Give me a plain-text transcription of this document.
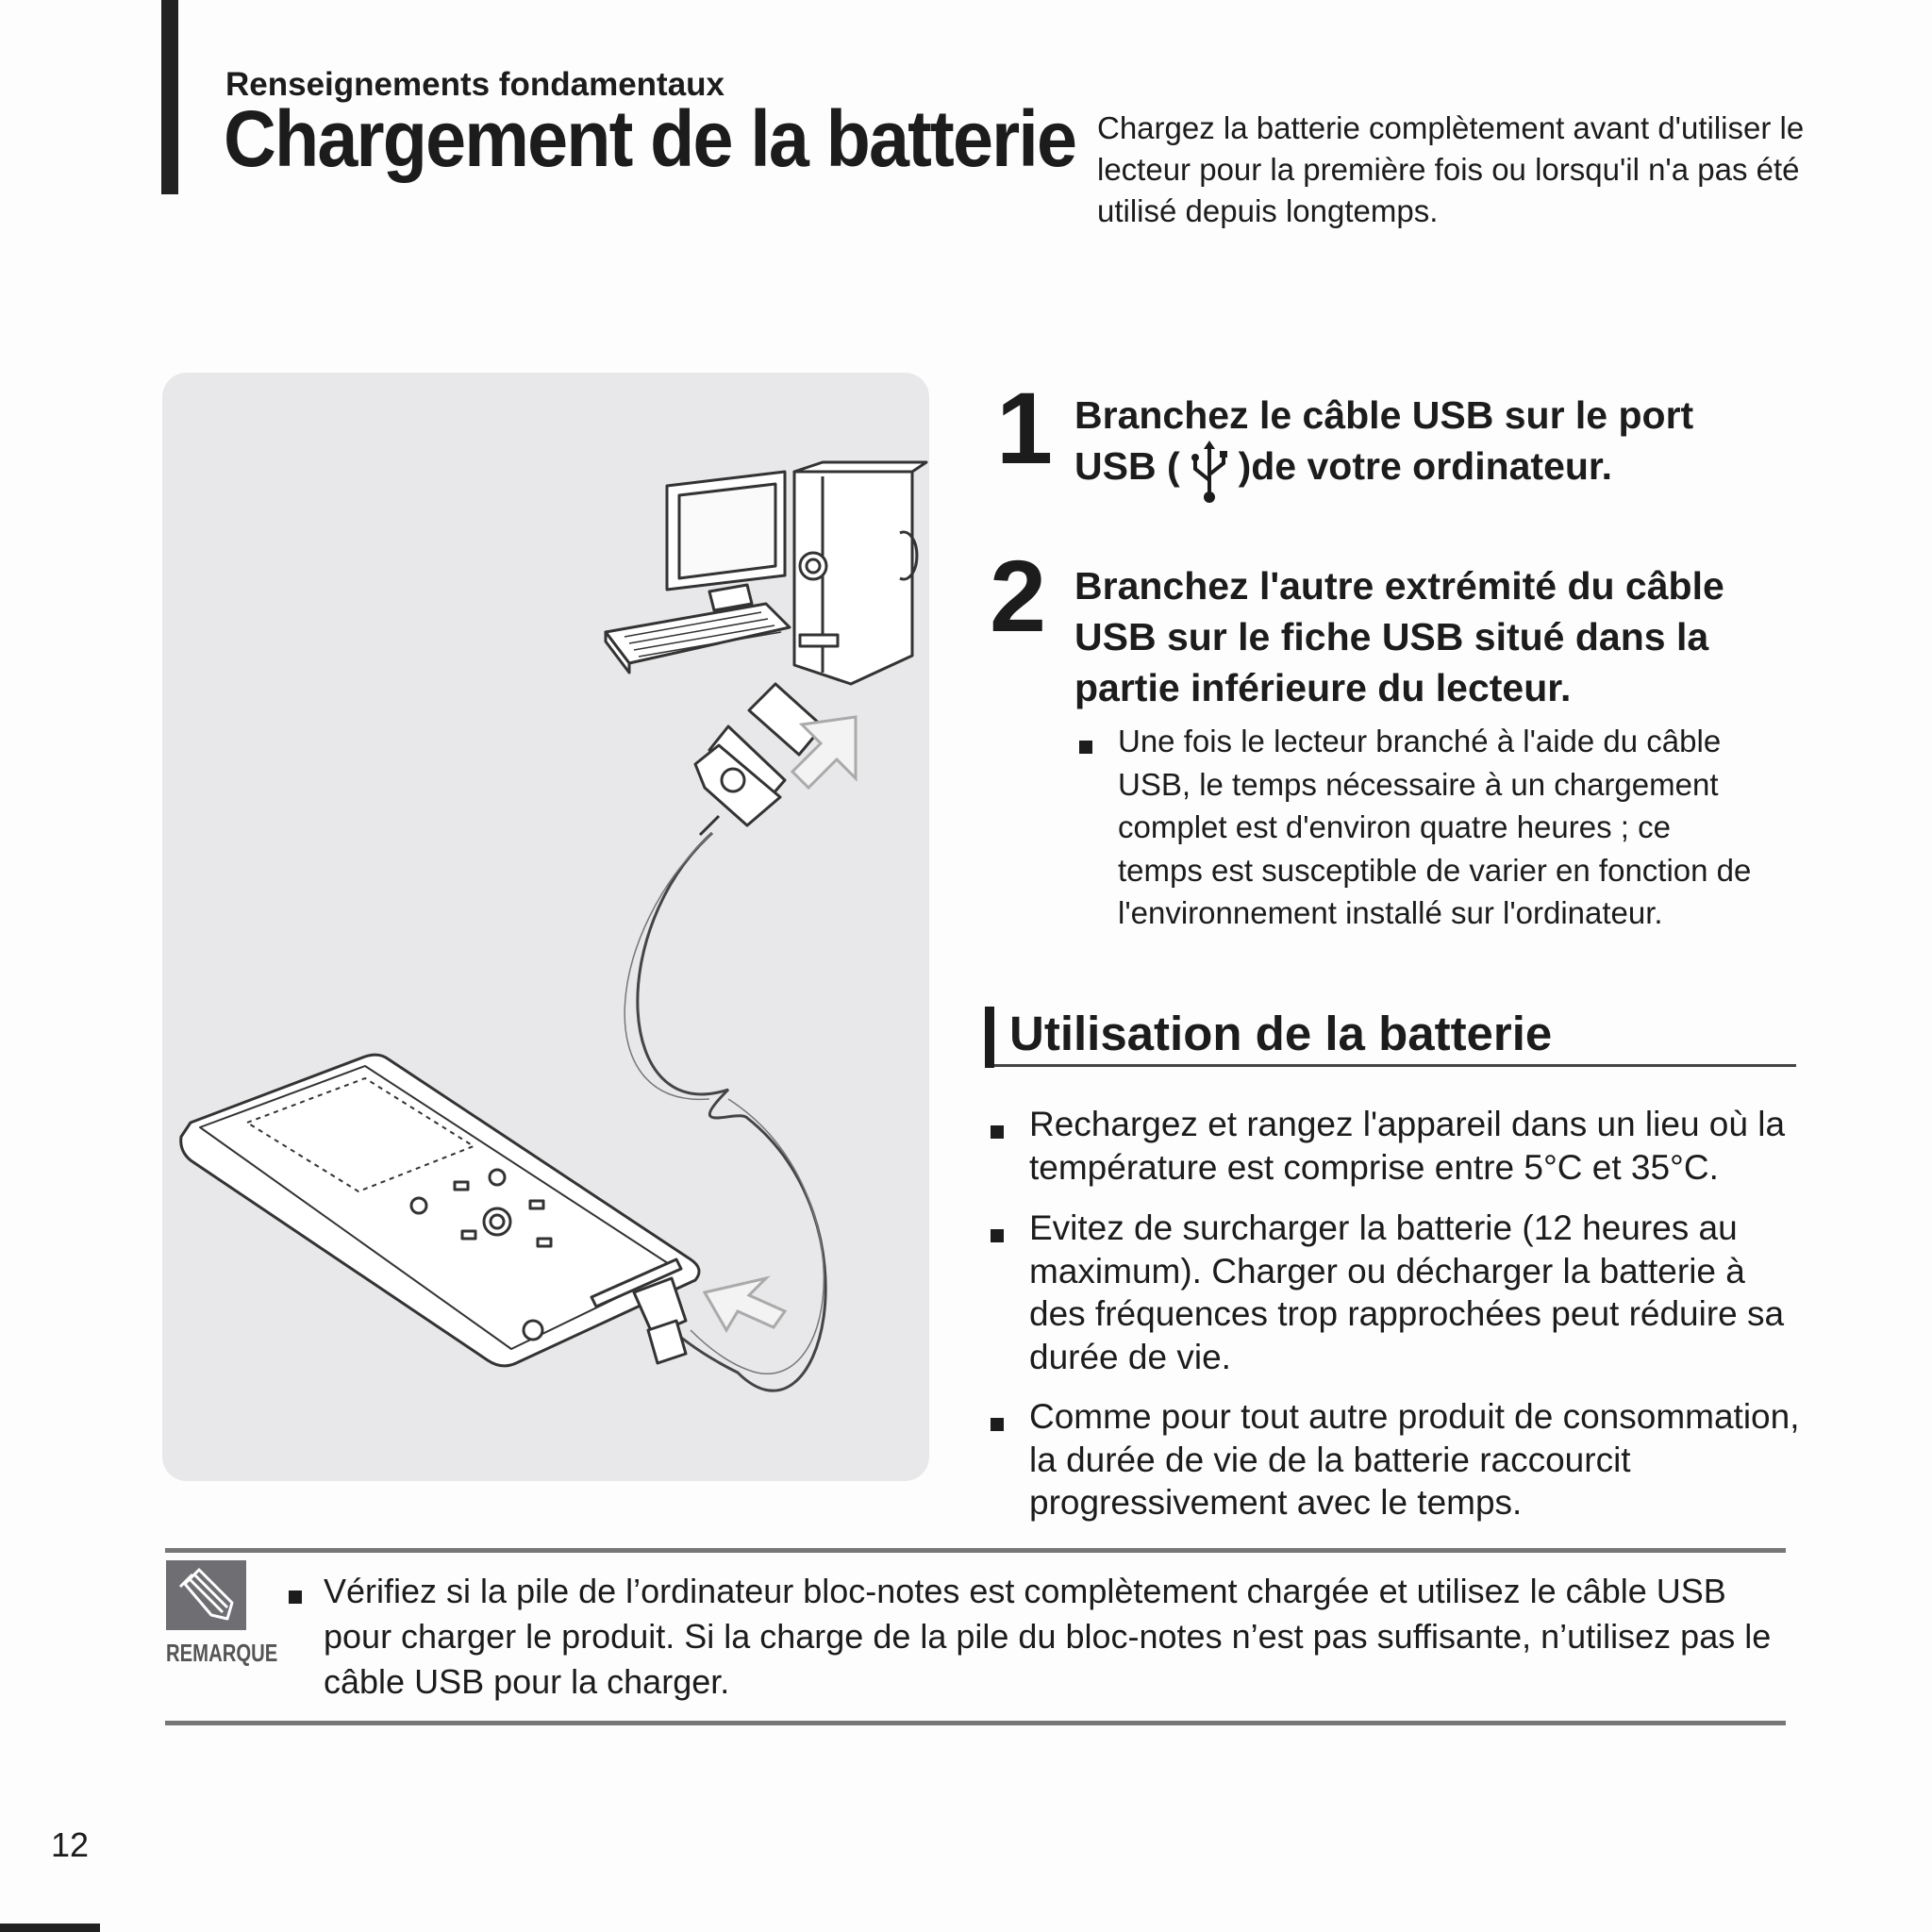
Renseignements fondamentaux
Chargement de la batterie Chargez la batterie complètement avant d'utiliser le
lecteur pour la première fois ou lorsqu'il n'a pas été
utilisé depuis longtemps.
1 Branchez le câble USB sur le port
USB ( )de votre ordinateur.
2 Branchez l'autre extrémité du câble
USB sur le fiche USB situé dans la
partie inférieure du lecteur.
Une fois le lecteur branché à l'aide du câble
USB, le temps nécessaire à un chargement
complet est d'environ quatre heures ; ce
temps est susceptible de varier en fonction de
l'environnement installé sur l'ordinateur.
Utilisation de la batterie
Rechargez et rangez l'appareil dans un lieu où la
température est comprise entre 5°C et 35°C.
Evitez de surcharger la batterie (12 heures au
maximum). Charger ou décharger la batterie à
des fréquences trop rapprochées peut réduire sa
durée de vie.
Comme pour tout autre produit de consommation,
la durée de vie de la batterie raccourcit
progressivement avec le temps.
REMARQUE
Vérifiez si la pile de l’ordinateur bloc-notes est complètement chargée et utilisez le câble USB
pour charger le produit. Si la charge de la pile du bloc-notes n’est pas suffisante, n’utilisez pas le
câble USB pour la charger.
12
